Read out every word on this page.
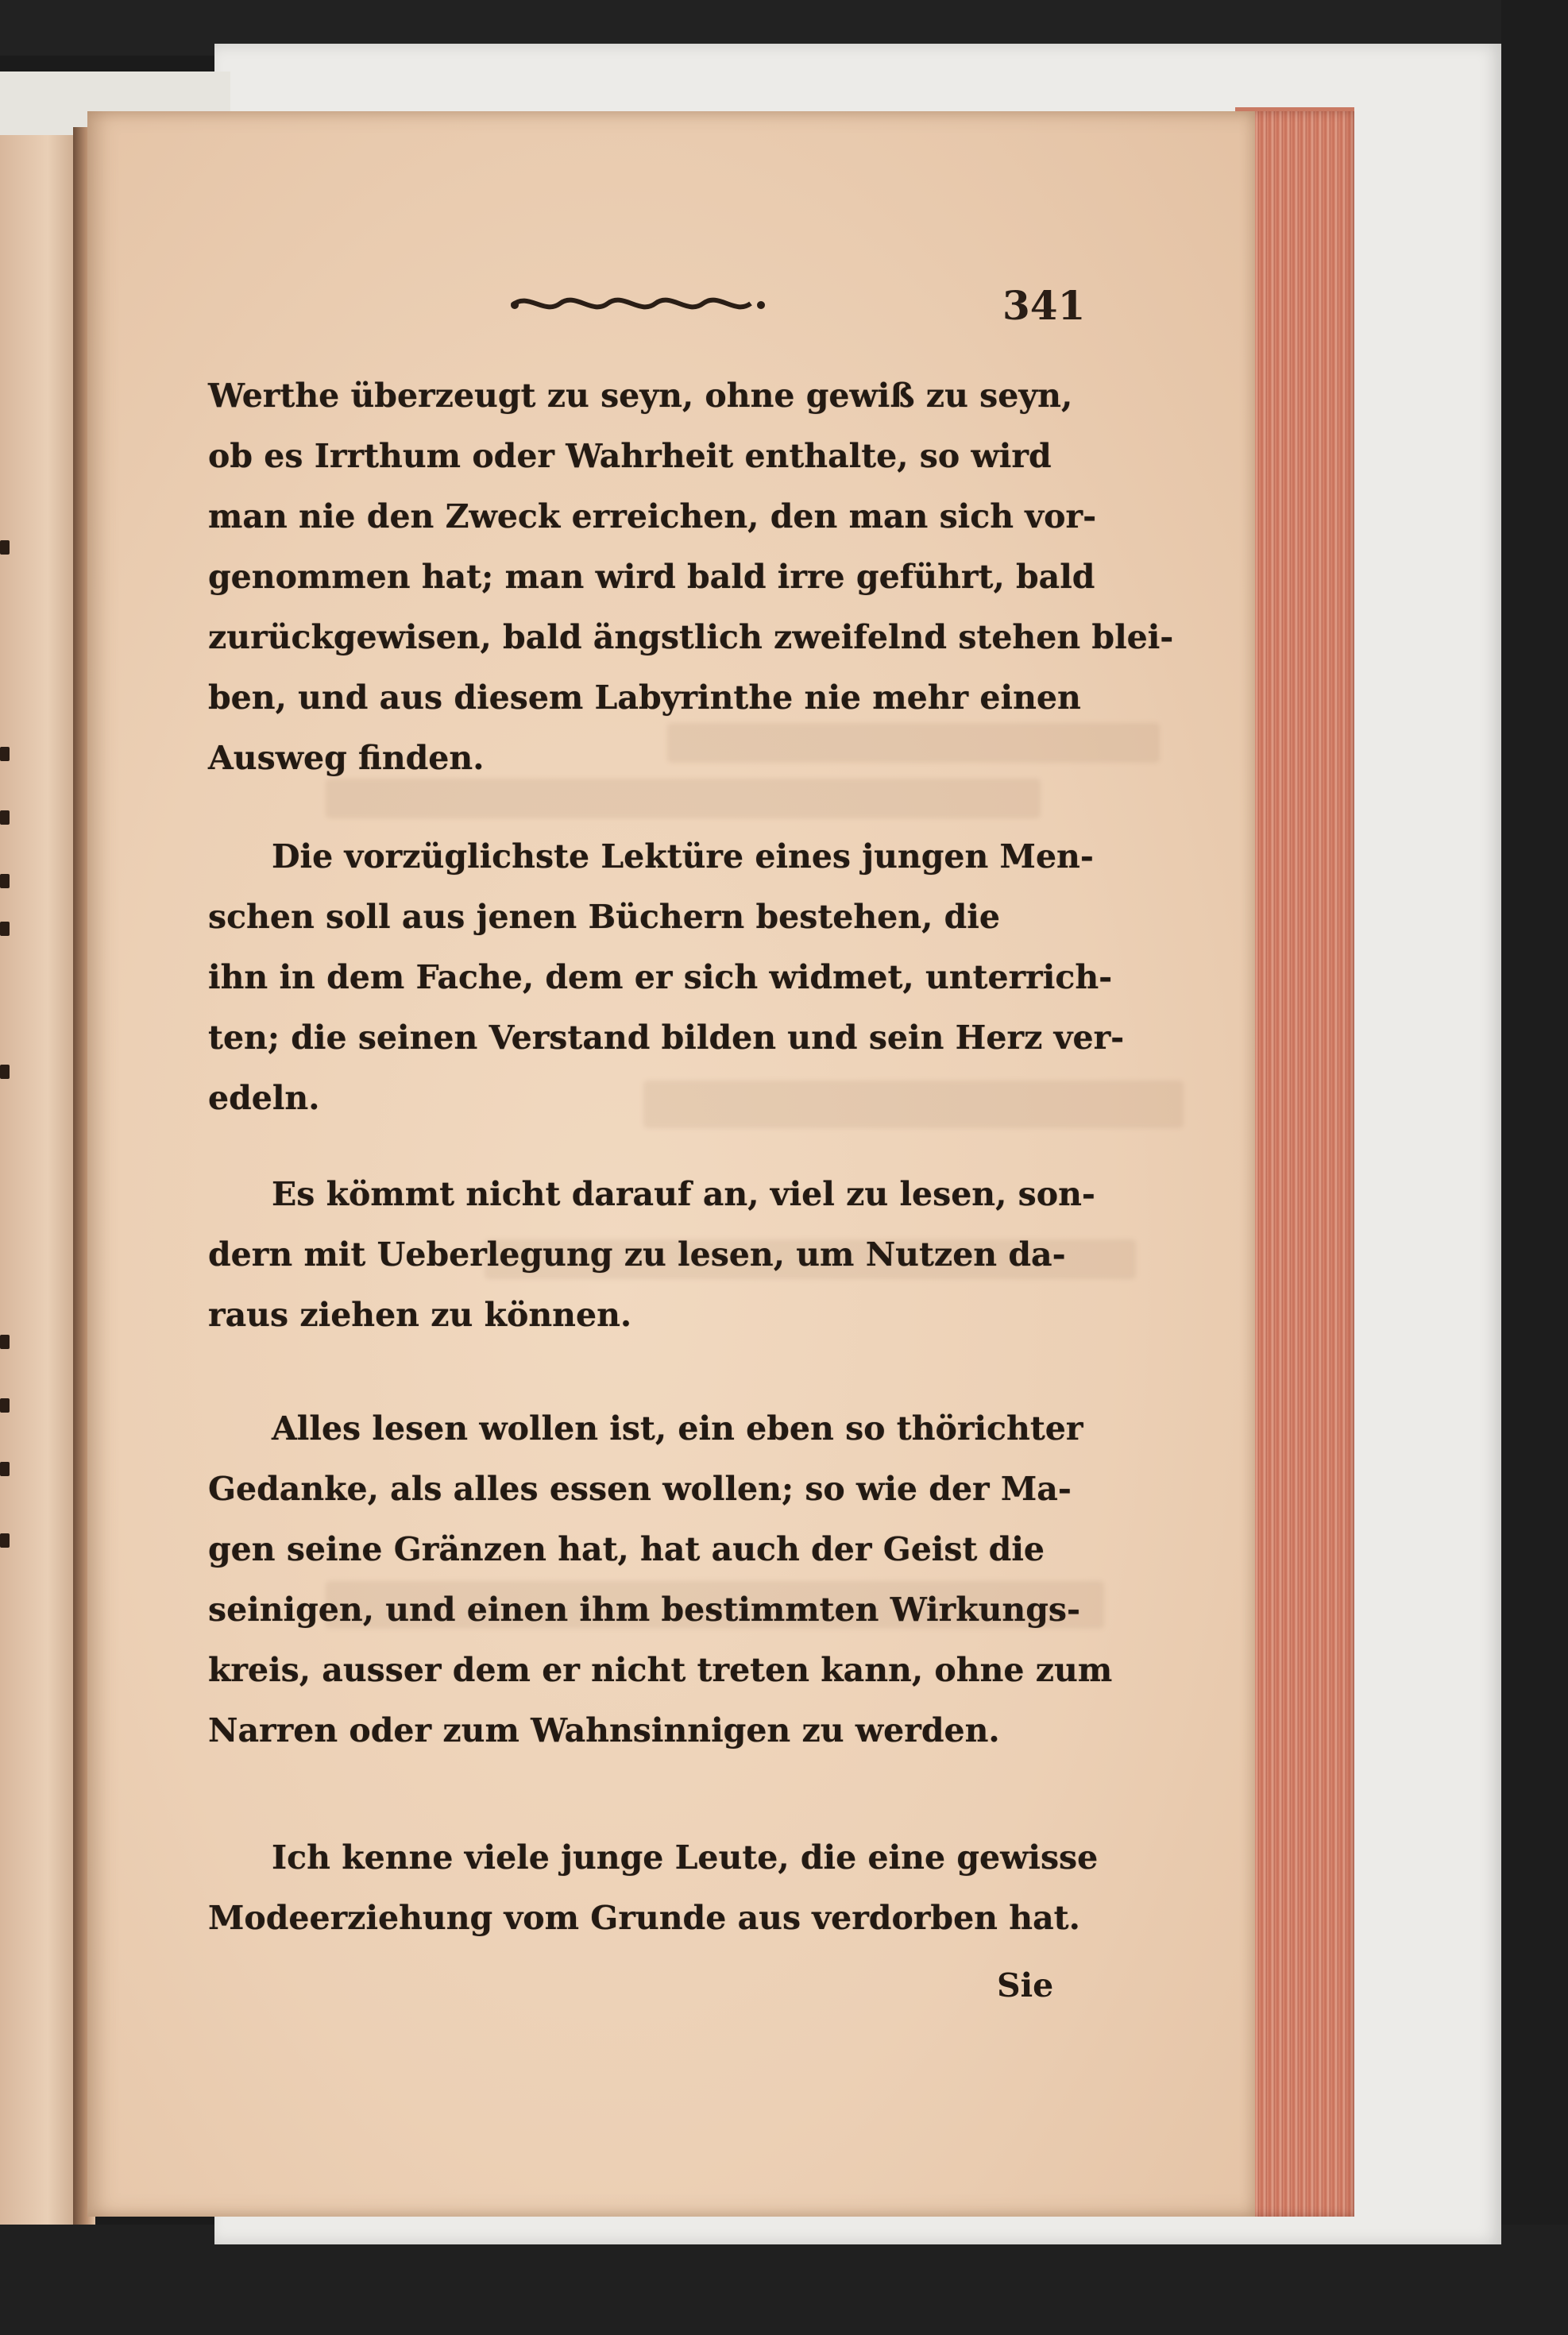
341
Werthe überzeugt zu seyn, ohne gewiß zu seyn,
ob es Irrthum oder Wahrheit enthalte, so wird
man nie den Zweck erreichen, den man sich vor-
genommen hat; man wird bald irre geführt, bald
zurückgewisen, bald ängstlich zweifelnd stehen blei-
ben, und aus diesem Labyrinthe nie mehr einen
Ausweg finden.
Die vorzüglichste Lektüre eines jungen Men-
schen soll aus jenen Büchern bestehen, die
ihn in dem Fache, dem er sich widmet, unterrich-
ten; die seinen Verstand bilden und sein Herz ver-
edeln.
Es kömmt nicht darauf an, viel zu lesen, son-
dern mit Ueberlegung zu lesen, um Nutzen da-
raus ziehen zu können.
Alles lesen wollen ist, ein eben so thörichter
Gedanke, als alles essen wollen; so wie der Ma-
gen seine Gränzen hat, hat auch der Geist die
seinigen, und einen ihm bestimmten Wirkungs-
kreis, ausser dem er nicht treten kann, ohne zum
Narren oder zum Wahnsinnigen zu werden.
Ich kenne viele junge Leute, die eine gewisse
Modeerziehung vom Grunde aus verdorben hat.
Sie
